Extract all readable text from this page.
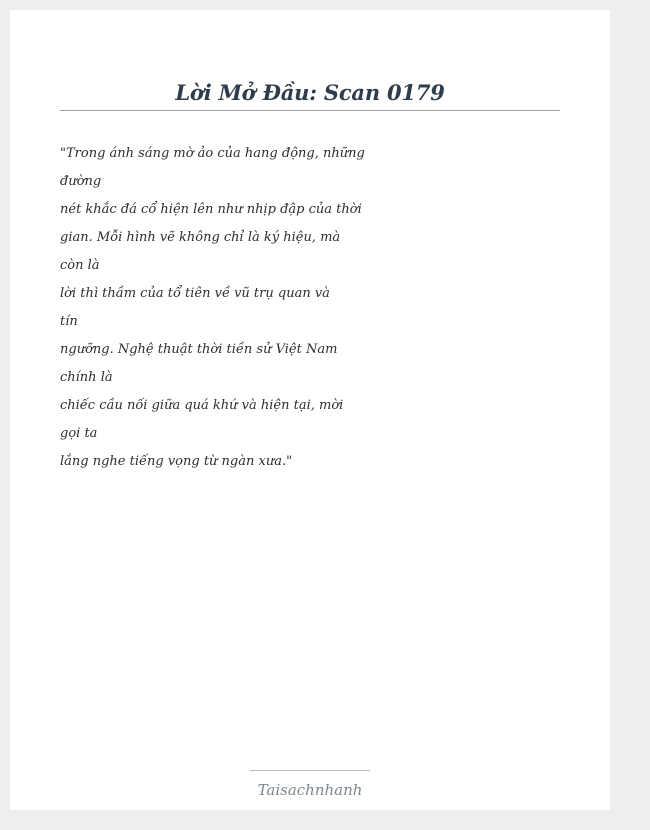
Lời Mở Đầu: Scan 0179
"Trong ánh sáng mờ ảo của hang động, những
đường
nét khắc đá cổ hiện lên như nhịp đập của thời
gian. Mỗi hình vẽ không chỉ là ký hiệu, mà
còn là
lời thì thầm của tổ tiên về vũ trụ quan và
tín
ngưỡng. Nghệ thuật thời tiền sử Việt Nam
chính là
chiếc cầu nối giữa quá khứ và hiện tại, mời
gọi ta
lắng nghe tiếng vọng từ ngàn xưa."
Taisachnhanh
